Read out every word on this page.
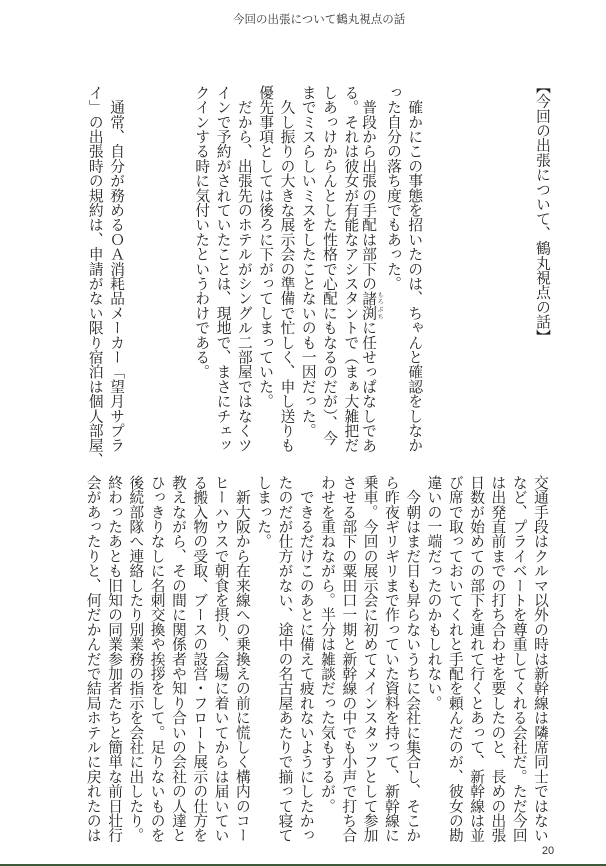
今回の出張について鶴丸視点の話
【今回の出張について、鶴丸視点の話】
　確かにこの事態を招いたのは、ちゃんと確認をしなか
った自分の落ち度でもあった。
　普段から出張の手配は部下の諸渕 もろぶちに任せっぱなしであ
る。それは彼女が有能なアシスタントで（まぁ大雑把だ
しあっけからんとした性格で心配にもなるのだが）、今
までミスらしいミスをしたことないのも一因だった。
　久し振りの大きな展示会の準備で忙しく、申し送りも
優先事項としては後ろに下がってしまっていた。
　だから、出張先のホテルがシングル二部屋ではなくツ
インで予約がされていたことは、現地で、まさにチェッ
クインする時に気付いたというわけである。
　通常、自分が務めるＯＡ消耗品メーカー「望月サプラ
イ」の出張時の規約は、申請がない限り宿泊は個人部屋、
交通手段はクルマ以外の時は新幹線は隣席同士ではない
など、プライベートを尊重してくれる会社だ。ただ今回
は出発直前までの打ち合わせを要したのと、長めの出張
日数が始めての部下を連れて行くとあって、新幹線は並
び席で取っておいてくれと手配を頼んだのが、彼女の勘
違いの一端だったのかもしれない。
　今朝はまだ日も昇らないうちに会社に集合し、そこか
ら昨夜ギリギリまで作っていた資料を持って、新幹線に
乗車。今回の展示会に初めてメインスタッフとして参加
させる部下の粟田口一期と新幹線の中でも小声で打ち合
わせを重ねながら。半分は雑談だった気もするが。
　できるだけこのあとに備えて疲れないようにしたかっ
たのだが仕方がない、途中の名古屋あたりで揃って寝て
しまった。
　新大阪から在来線への乗換えの前に慌しく構内のコー
ヒーハウスで朝食を摂り、会場に着いてからは届いてい
る搬入物の受取、ブースの設営・フロート展示の仕方を
教えながら、その間に関係者や知り合いの会社の人達と
ひっきりなしに名刺交換や挨拶をして。足りないものを
後続部隊へ連絡したり別業務の指示を会社に出したり。
終わったあとも旧知の同業参加者たちと簡単な前日壮行
会があったりと、何だかんだで結局ホテルに戻れたのは
20
